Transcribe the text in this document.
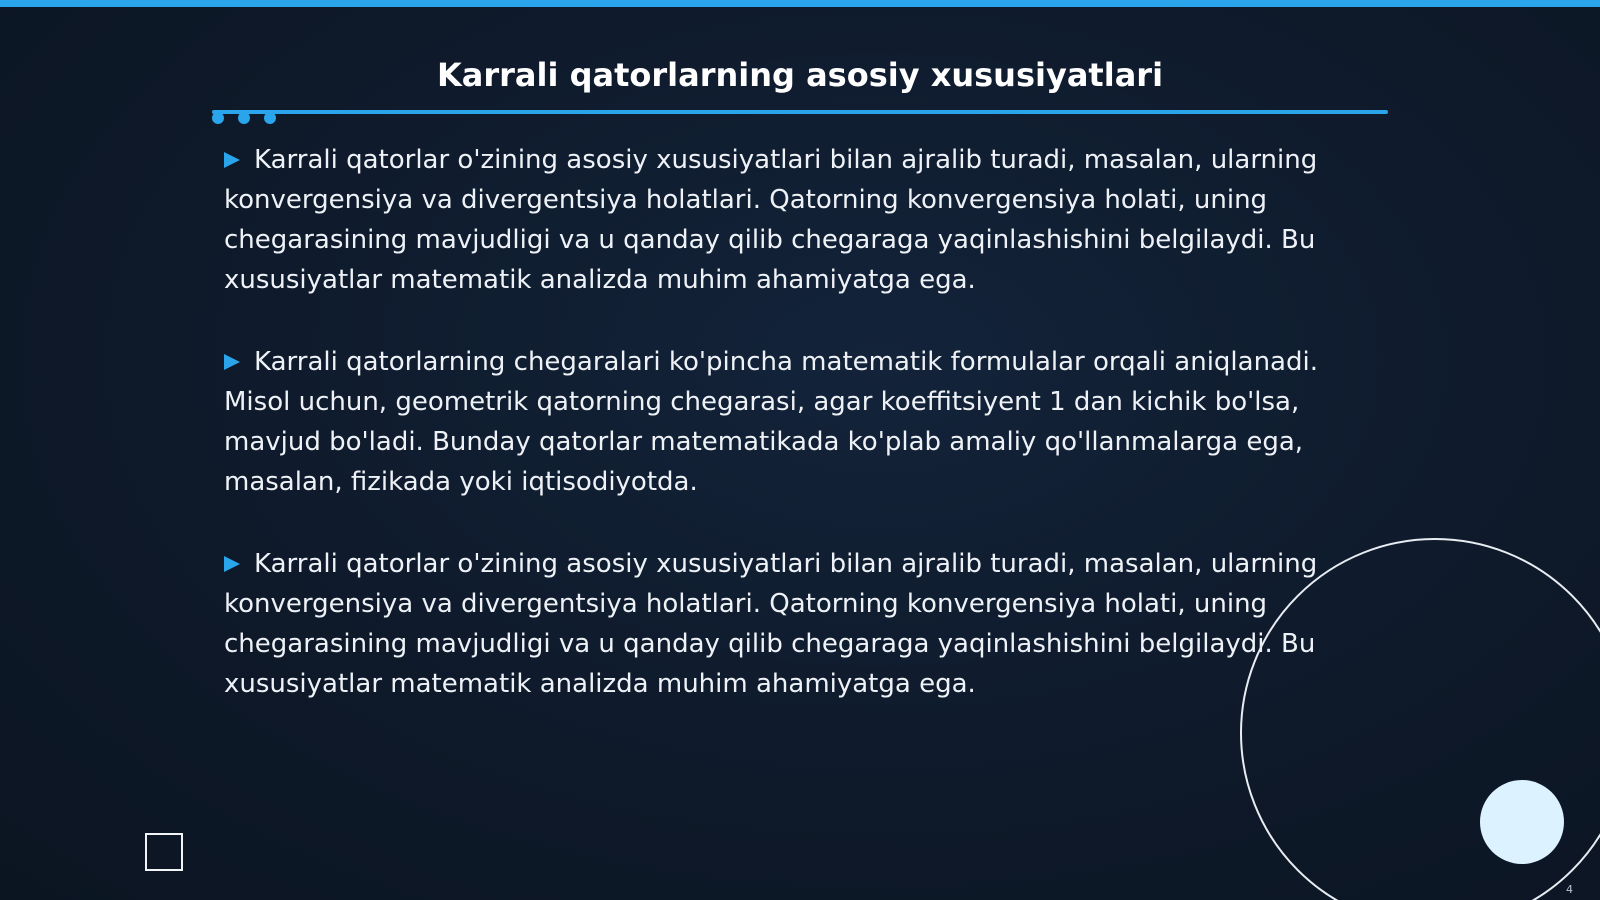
Karrali qatorlarning asosiy xususiyatlari

Karrali qatorlar o'zining asosiy xususiyatlari bilan ajralib turadi, masalan, ularning konvergensiya va divergentsiya holatlari. Qatorning konvergensiya holati, uning chegarasining mavjudligi va u qanday qilib chegaraga yaqinlashishini belgilaydi. Bu xususiyatlar matematik analizda muhim ahamiyatga ega.

Karrali qatorlarning chegaralari ko'pincha matematik formulalar orqali aniqlanadi. Misol uchun, geometrik qatorning chegarasi, agar koeffitsiyent 1 dan kichik bo'lsa, mavjud bo'ladi. Bunday qatorlar matematikada ko'plab amaliy qo'llanmalarga ega, masalan, fizikada yoki iqtisodiyotda.

Karrali qatorlar o'zining asosiy xususiyatlari bilan ajralib turadi, masalan, ularning konvergensiya va divergentsiya holatlari. Qatorning konvergensiya holati, uning chegarasining mavjudligi va u qanday qilib chegaraga yaqinlashishini belgilaydi. Bu xususiyatlar matematik analizda muhim ahamiyatga ega.

4
